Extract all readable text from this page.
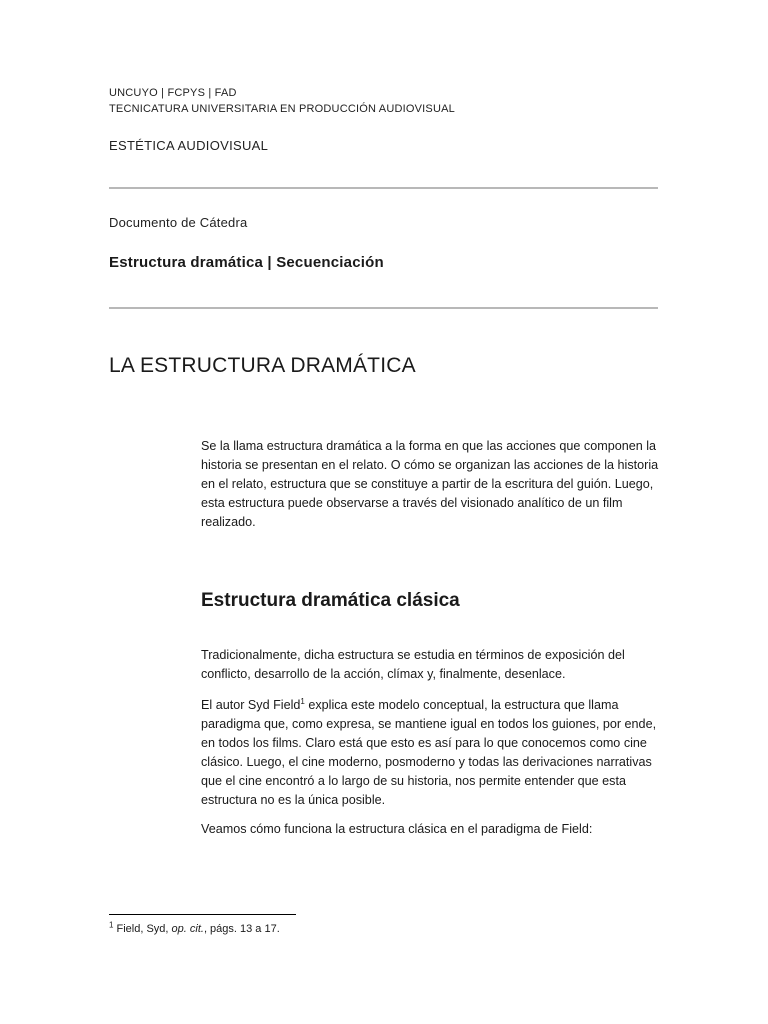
UNCUYO | FCPYS | FAD
TECNICATURA UNIVERSITARIA EN PRODUCCIÓN AUDIOVISUAL
ESTÉTICA AUDIOVISUAL
Documento de Cátedra
Estructura dramática | Secuenciación
LA ESTRUCTURA DRAMÁTICA
Se la llama estructura dramática a la forma en que las acciones que componen la historia se presentan en el relato. O cómo se organizan las acciones de la historia en el relato, estructura que se constituye a partir de la escritura del guión. Luego, esta estructura puede observarse a través del visionado analítico de un film realizado.
Estructura dramática clásica
Tradicionalmente, dicha estructura se estudia en términos de exposición del conflicto, desarrollo de la acción, clímax y, finalmente, desenlace.
El autor Syd Field$^1$ explica este modelo conceptual, la estructura que llama paradigma que, como expresa, se mantiene igual en todos los guiones, por ende, en todos los films. Claro está que esto es así para lo que conocemos como cine clásico. Luego, el cine moderno, posmoderno y todas las derivaciones narrativas que el cine encontró a lo largo de su historia, nos permite entender que esta estructura no es la única posible.
Veamos cómo funciona la estructura clásica en el paradigma de Field:
$^1$ Field, Syd, op. cit., págs. 13 a 17.
